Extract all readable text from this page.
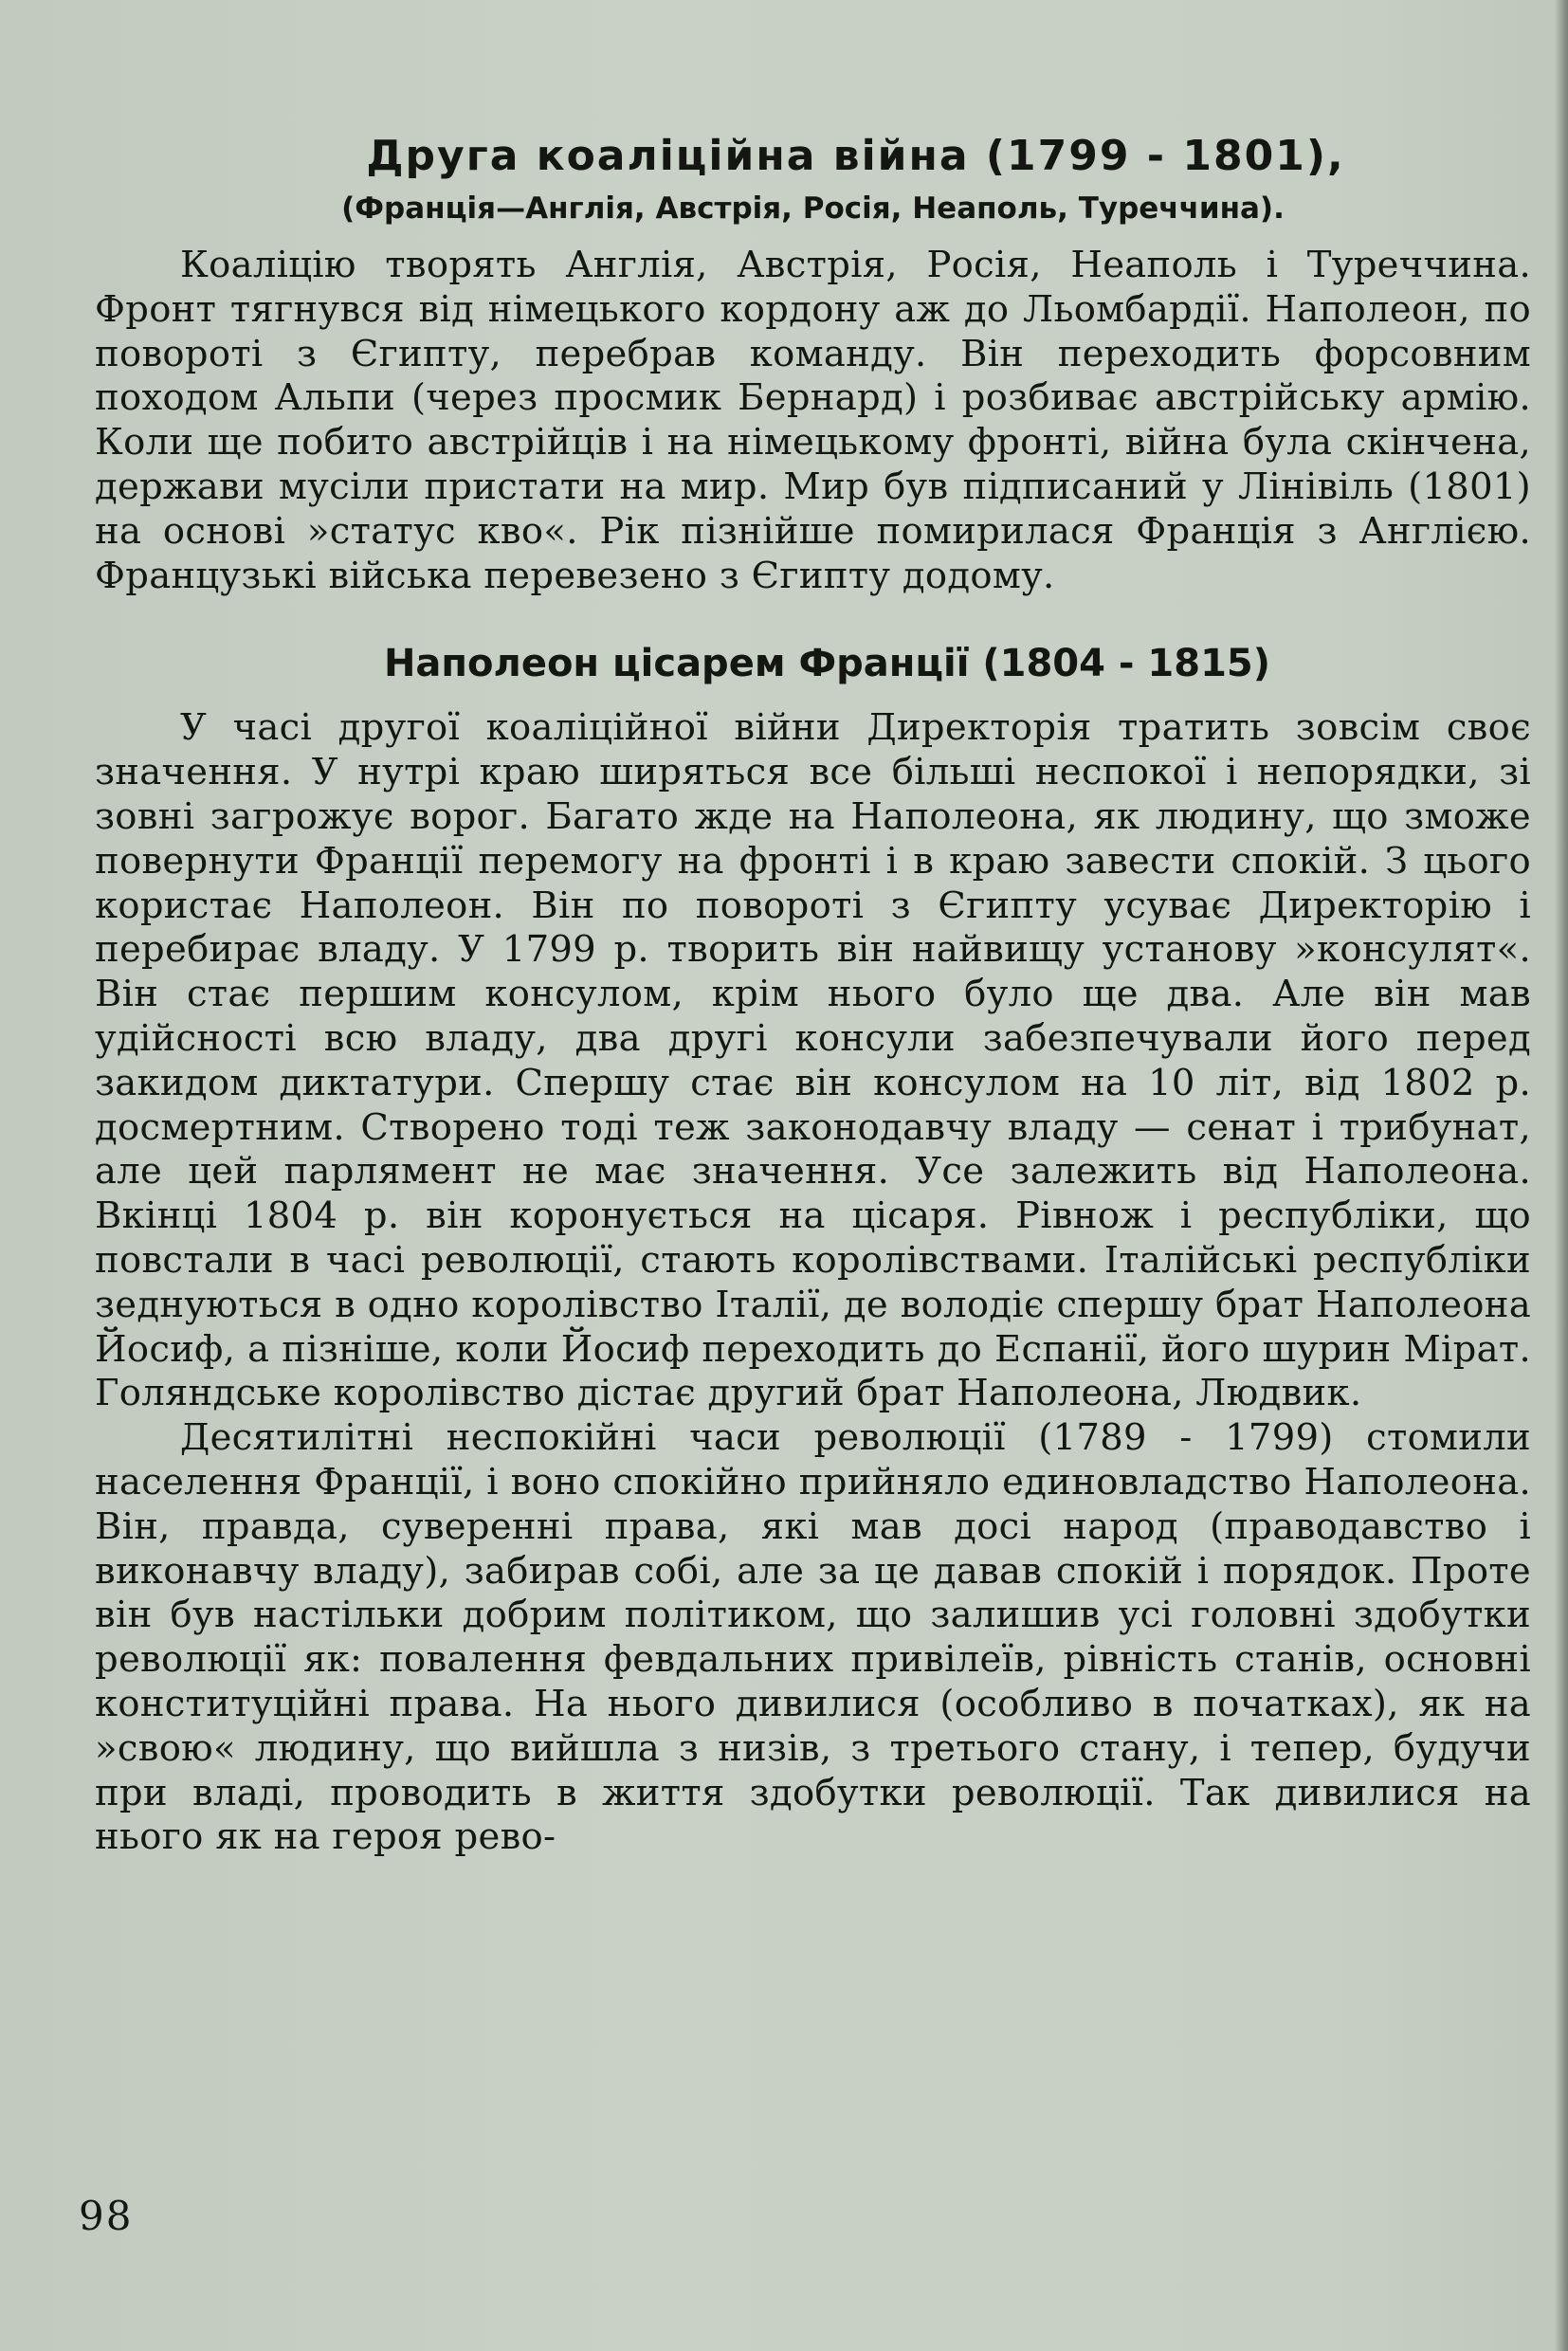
Друга коаліційна війна (1799 - 1801),
(Франція—Англія, Австрія, Росія, Неаполь, Туреччина).

Коаліцію творять Англія, Австрія, Росія, Неаполь і Туреччина. Фронт тягнувся від німецького кордону аж до Льомбардії. Наполеон, по повороті з Єгипту, перебрав команду. Він переходить форсовним походом Альпи (через просмик Бернард) і розбиває австрійську армію. Коли ще побито австрійців і на німецькому фронті, війна була скінчена, держави мусіли пристати на мир. Мир був підписаний у Лінівіль (1801) на основі »статус кво«. Рік пізнійше помирилася Франція з Англією. Французькі війська перевезено з Єгипту додому.

Наполеон цісарем Франції (1804 - 1815)

У часі другої коаліційної війни Директорія тратить зовсім своє значення. У нутрі краю ширяться все більші неспокої і непорядки, зі зовні загрожує ворог. Багато жде на Наполеона, як людину, що зможе повернути Франції перемогу на фронті і в краю завести спокій. З цього користає Наполеон. Він по повороті з Єгипту усуває Директорію і перебирає владу. У 1799 р. творить він найвищу установу »консулят«. Він стає першим консулом, крім нього було ще два. Але він мав удійсності всю владу, два другі консули забезпечували його перед закидом диктатури. Спершу стає він консулом на 10 літ, від 1802 р. досмертним. Створено тоді теж законодавчу владу — сенат і трибунат, але цей парлямент не має значення. Усе залежить від Наполеона. Вкінці 1804 р. він коронується на цісаря. Рівнож і республіки, що повстали в часі революції, стають королівствами. Італійські республіки зеднуються в одно королівство Італії, де володіє спершу брат Наполеона Йосиф, а пізніше, коли Йосиф переходить до Еспанії, його шурин Мірат. Голяндське королівство дістає другий брат Наполеона, Людвик.

Десятилітні неспокійні часи революції (1789 - 1799) стомили населення Франції, і воно спокійно прийняло единовладство Наполеона. Він, правда, суверенні права, які мав досі народ (праводавство і виконавчу владу), забирав собі, але за це давав спокій і порядок. Проте він був настільки добрим політиком, що залишив усі головні здобутки революції як: повалення февдальних привілеїв, рівність станів, основні конституційні права. На нього дивилися (особливо в початках), як на »свою« людину, що вийшла з низів, з третього стану, і тепер, будучи при владі, проводить в життя здобутки революції. Так дивилися на нього як на героя рево-

98
